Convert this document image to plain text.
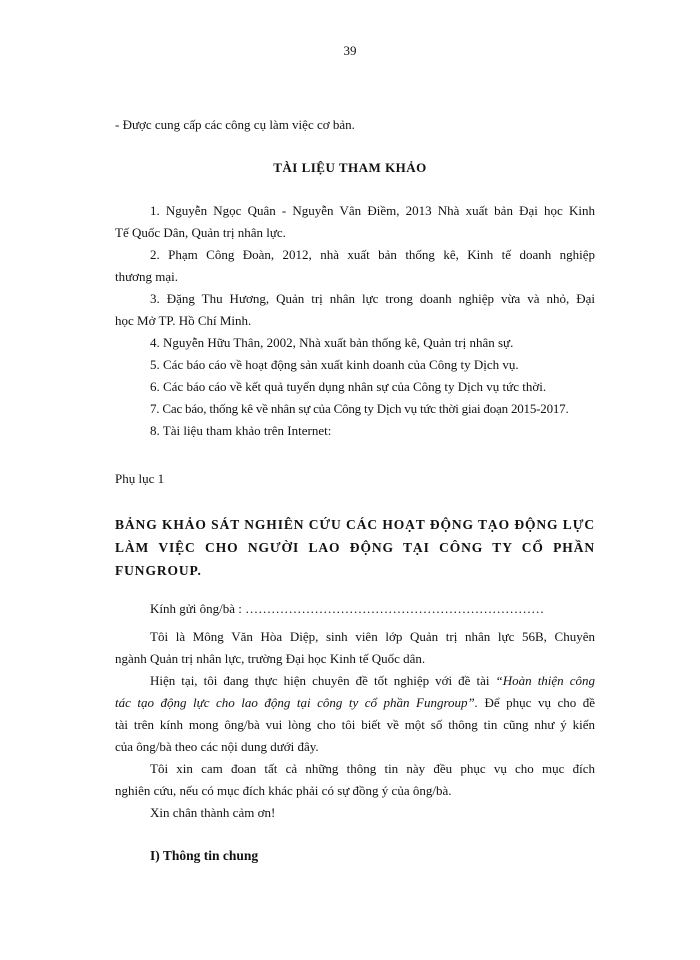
39
- Được cung cấp các công cụ làm việc cơ bản.
TÀI LIỆU THAM KHẢO
1. Nguyễn Ngọc Quân - Nguyễn Vân Điềm, 2013 Nhà xuất bản Đại học Kinh
Tế Quốc Dân, Quản trị nhân lực.
2. Phạm Công Đoàn, 2012, nhà xuất bản thống kê, Kinh tế doanh nghiệp
thương mại.
3. Đặng Thu Hương, Quản trị nhân lực trong doanh nghiệp vừa và nhỏ, Đại
học Mở TP. Hồ Chí Minh.
4. Nguyễn Hữu Thân, 2002, Nhà xuất bản thống kê, Quản trị nhân sự.
5. Các báo cáo về hoạt động sản xuất kinh doanh của Công ty Dịch vụ.
6. Các báo cáo về kết quả tuyển dụng nhân sự của Công ty Dịch vụ tức thời.
7. Cac báo, thống kê về nhân sự của Công ty Dịch vụ tức thời giai đoạn 2015-2017.
8. Tài liệu tham khảo trên Internet:
Phụ lục 1
BẢNG KHẢO SÁT NGHIÊN CỨU CÁC HOẠT ĐỘNG TẠO ĐỘNG LỰC
LÀM VIỆC CHO NGƯỜI LAO ĐỘNG TẠI CÔNG TY CỔ PHẦN
FUNGROUP.
Kính gửi ông/bà : ……………………………………………………………
Tôi là Mông Văn Hòa Diệp, sinh viên lớp Quản trị nhân lực 56B, Chuyên
ngành Quản trị nhân lực, trường Đại học Kinh tế Quốc dân.
Hiện tại, tôi đang thực hiện chuyên đề tốt nghiệp với đề tài “Hoàn thiện công
tác tạo động lực cho lao động tại công ty cổ phần Fungroup”. Để phục vụ cho đề
tài trên kính mong ông/bà vui lòng cho tôi biết về một số thông tin cũng như ý kiến
của ông/bà theo các nội dung dưới đây.
Tôi xin cam đoan tất cả những thông tin này đều phục vụ cho mục đích
nghiên cứu, nếu có mục đích khác phải có sự đồng ý của ông/bà.
Xin chân thành cảm ơn!
I) Thông tin chung
